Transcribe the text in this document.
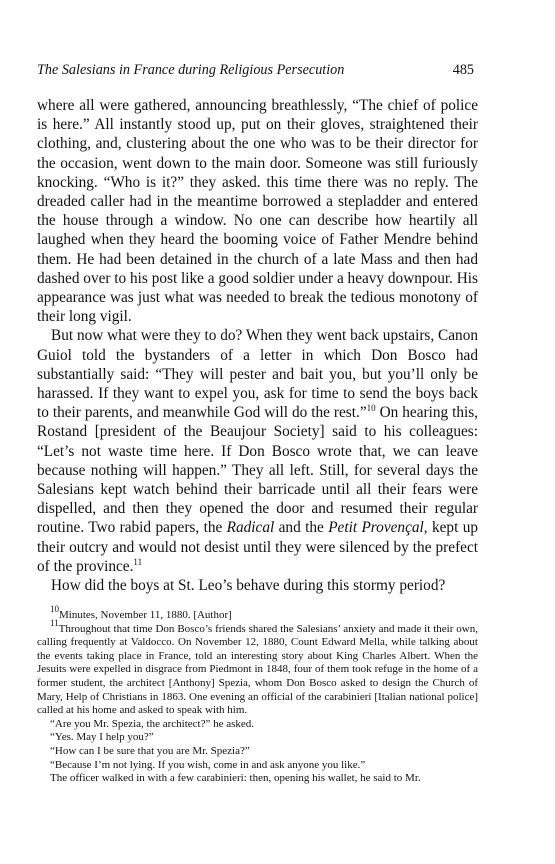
The Salesians in France during Religious Persecution	485

where all were gathered, announcing breathlessly, “The chief of police is here.” All instantly stood up, put on their gloves, straightened their clothing, and, clustering about the one who was to be their director for the occasion, went down to the main door. Someone was still furiously knocking. “Who is it?” they asked. this time there was no reply. The dreaded caller had in the meantime borrowed a stepladder and entered the house through a window. No one can describe how heartily all laughed when they heard the booming voice of Father Mendre behind them. He had been detained in the church of a late Mass and then had dashed over to his post like a good soldier under a heavy downpour. His appearance was just what was needed to break the tedious monotony of their long vigil.

But now what were they to do? When they went back upstairs, Canon Guiol told the bystanders of a letter in which Don Bosco had substantially said: “They will pester and bait you, but you’ll only be harassed. If they want to expel you, ask for time to send the boys back to their parents, and meanwhile God will do the rest.”$^{10}$ On hearing this, Rostand [president of the Beaujour Society] said to his colleagues: “Let’s not waste time here. If Don Bosco wrote that, we can leave because nothing will happen.” They all left. Still, for several days the Salesians kept watch behind their barricade until all their fears were dispelled, and then they opened the door and resumed their regular routine. Two rabid papers, the Radical and the Petit Provençal, kept up their outcry and would not desist until they were silenced by the prefect of the province.$^{11}$

How did the boys at St. Leo’s behave during this stormy period?

$^{10}$Minutes, November 11, 1880. [Author]

$^{11}$Throughout that time Don Bosco’s friends shared the Salesians’ anxiety and made it their own, calling frequently at Valdocco. On November 12, 1880, Count Edward Mella, while talking about the events taking place in France, told an interesting story about King Charles Albert. When the Jesuits were expelled in disgrace from Piedmont in 1848, four of them took refuge in the home of a former student, the architect [Anthony] Spezia, whom Don Bosco asked to design the Church of Mary, Help of Christians in 1863. One evening an official of the carabinieri [Italian national police] called at his home and asked to speak with him.

“Are you Mr. Spezia, the architect?” he asked.

“Yes. May I help you?”

“How can I be sure that you are Mr. Spezia?”

“Because I’m not lying. If you wish, come in and ask anyone you like.”

The officer walked in with a few carabinieri: then, opening his wallet, he said to Mr.
